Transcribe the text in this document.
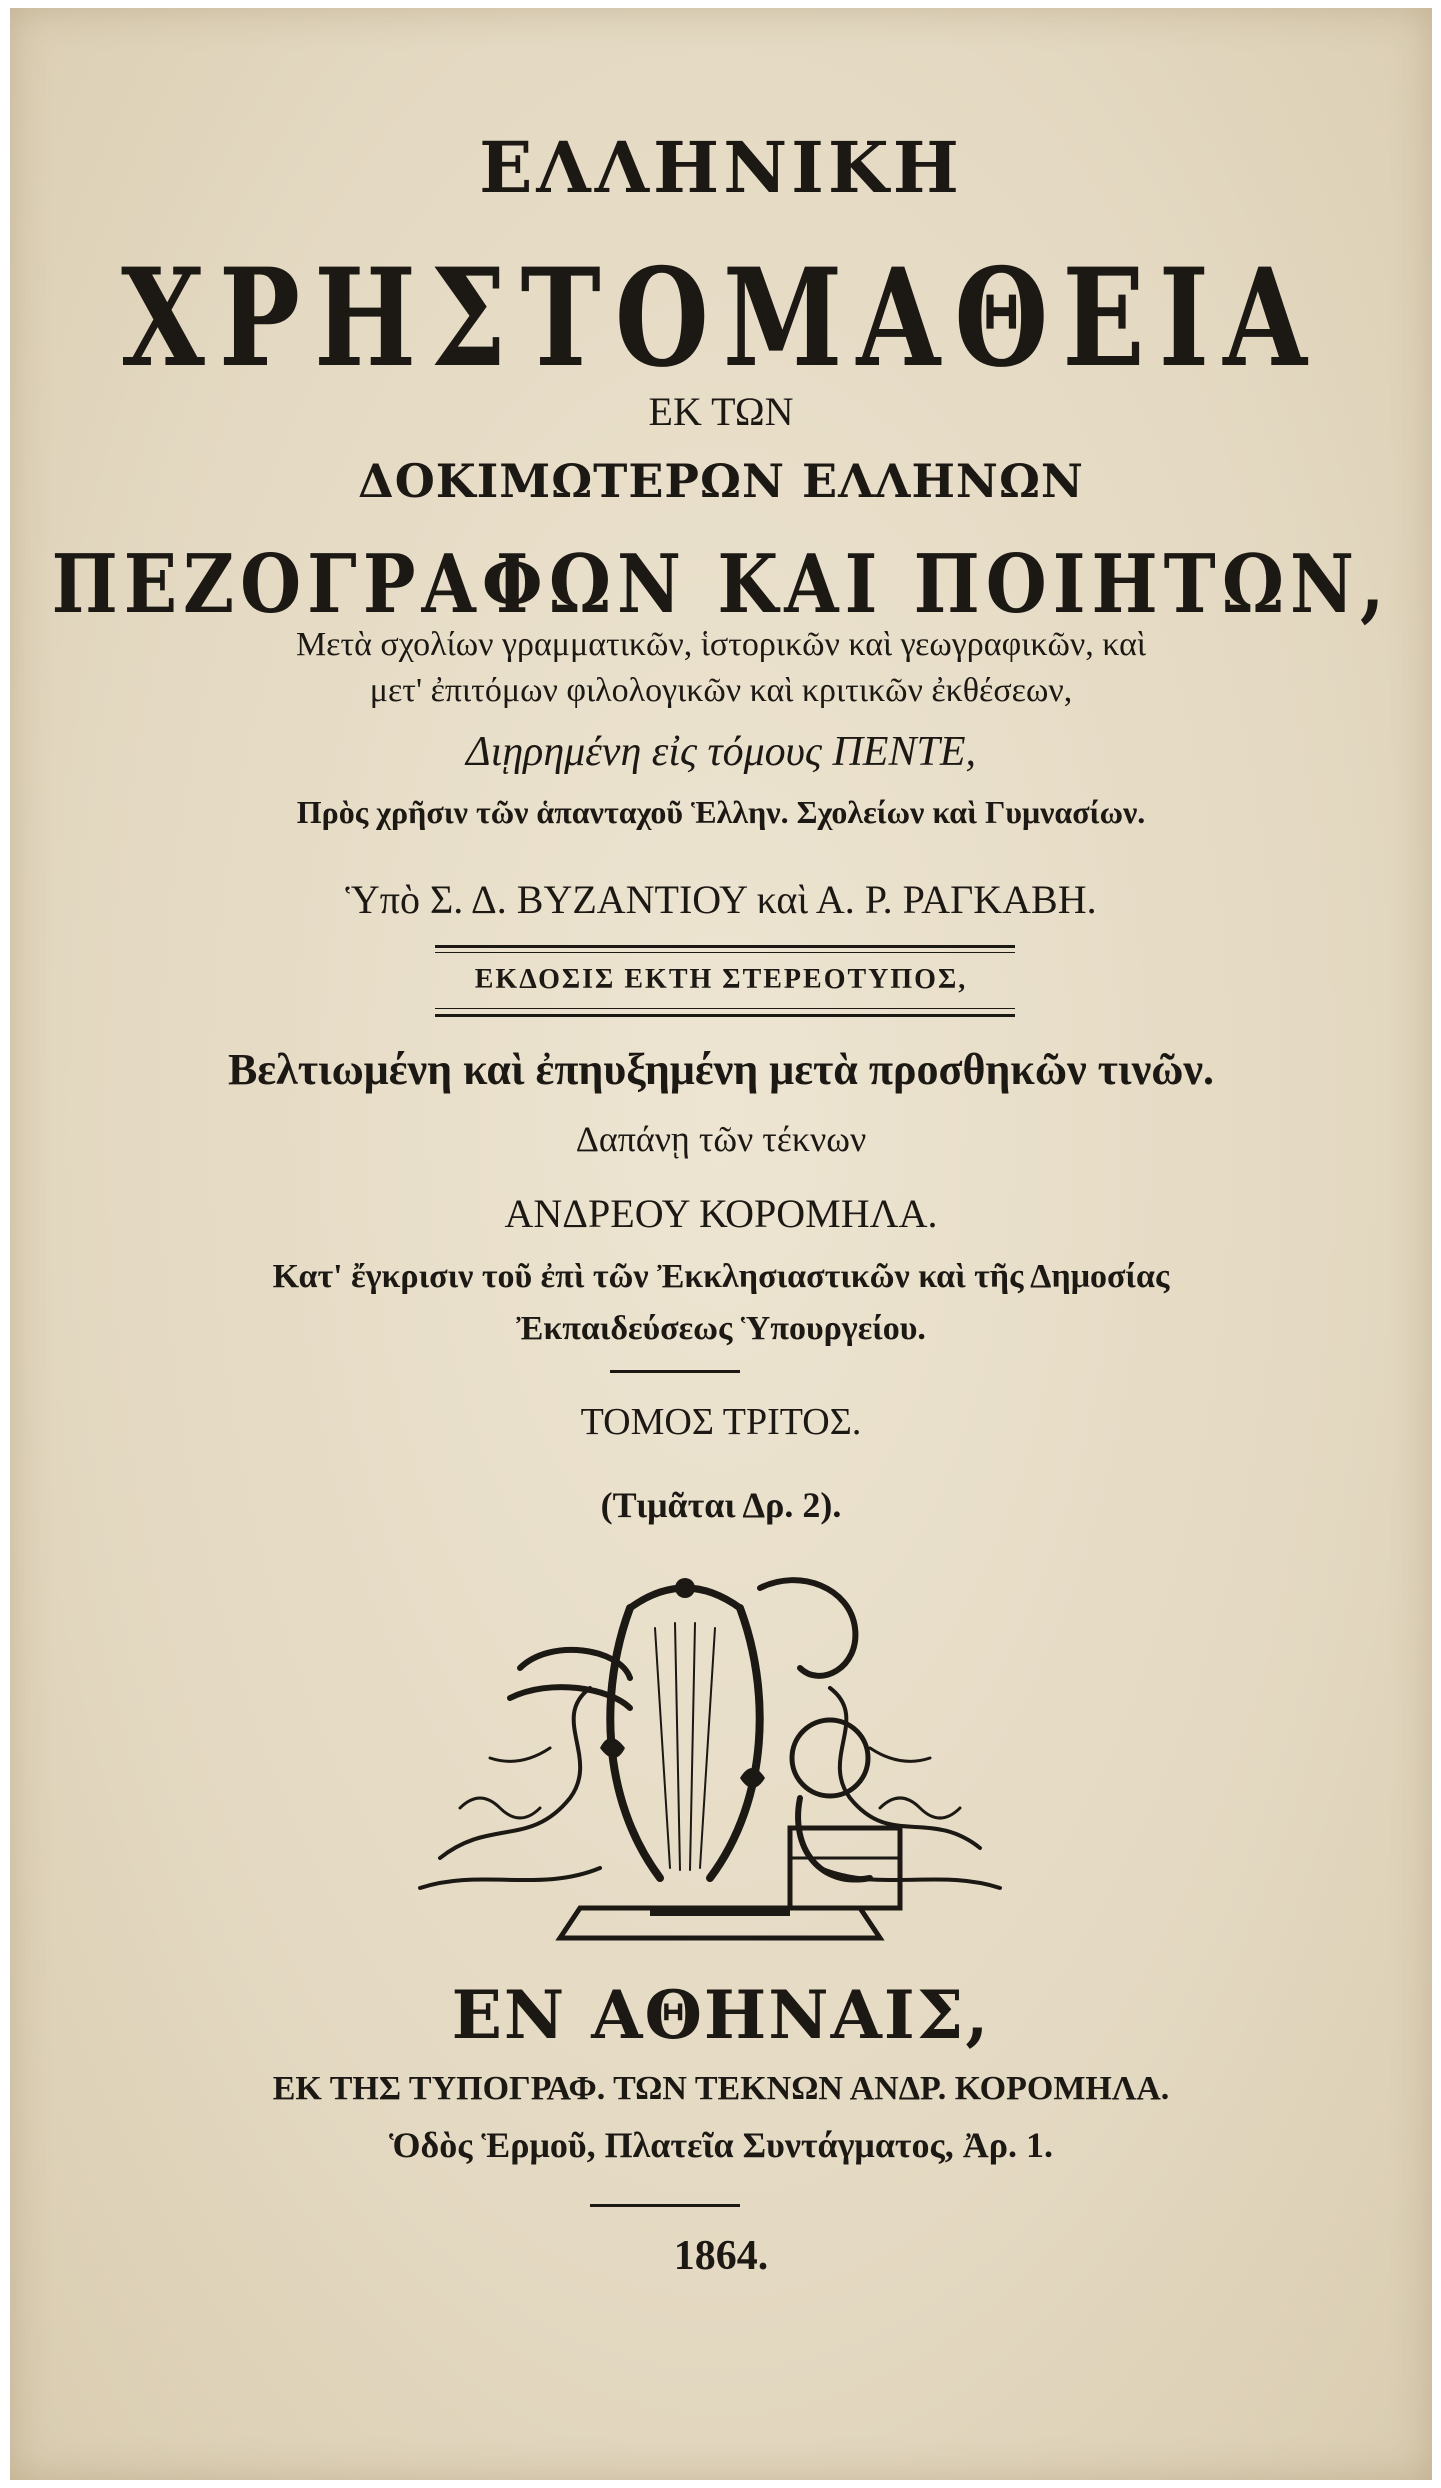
ΕΛΛΗΝΙΚΗ
ΧΡΗΣΤΟΜΑΘΕΙΑ
ΕΚ ΤΩΝ
ΔΟΚΙΜΩΤΕΡΩΝ ΕΛΛΗΝΩΝ
ΠΕΖΟΓΡΑΦΩΝ ΚΑΙ ΠΟΙΗΤΩΝ,
Μετὰ σχολίων γραμματικῶν, ἱστορικῶν καὶ γεωγραφικῶν, καὶ
μετ' ἐπιτόμων φιλολογικῶν καὶ κριτικῶν ἐκθέσεων,
Διῃρημένη εἰς τόμους ΠΕΝΤΕ,
Πρὸς χρῆσιν τῶν ἁπανταχοῦ Ἑλλην. Σχολείων καὶ Γυμνασίων.
Ὑπὸ Σ. Δ. ΒΥΖΑΝΤΙΟΥ καὶ Α. Ρ. ΡΑΓΚΑΒΗ.
ΕΚΔΟΣΙΣ ΕΚΤΗ ΣΤΕΡΕΟΤΥΠΟΣ,
Βελτιωμένη καὶ ἐπηυξημένη μετὰ προσθηκῶν τινῶν.
Δαπάνῃ τῶν τέκνων
ΑΝΔΡΕΟΥ ΚΟΡΟΜΗΛΑ.
Κατ' ἔγκρισιν τοῦ ἐπὶ τῶν Ἐκκλησιαστικῶν καὶ τῆς Δημοσίας
Ἐκπαιδεύσεως Ὑπουργείου.
ΤΟΜΟΣ ΤΡΙΤΟΣ.
(Τιμᾶται Δρ. 2).
ΕΝ ΑΘΗΝΑΙΣ,
ΕΚ ΤΗΣ ΤΥΠΟΓΡΑΦ. ΤΩΝ ΤΕΚΝΩΝ ΑΝΔΡ. ΚΟΡΟΜΗΛΑ.
Ὁδὸς Ἑρμοῦ, Πλατεῖα Συντάγματος, Ἀρ. 1.
1864.
